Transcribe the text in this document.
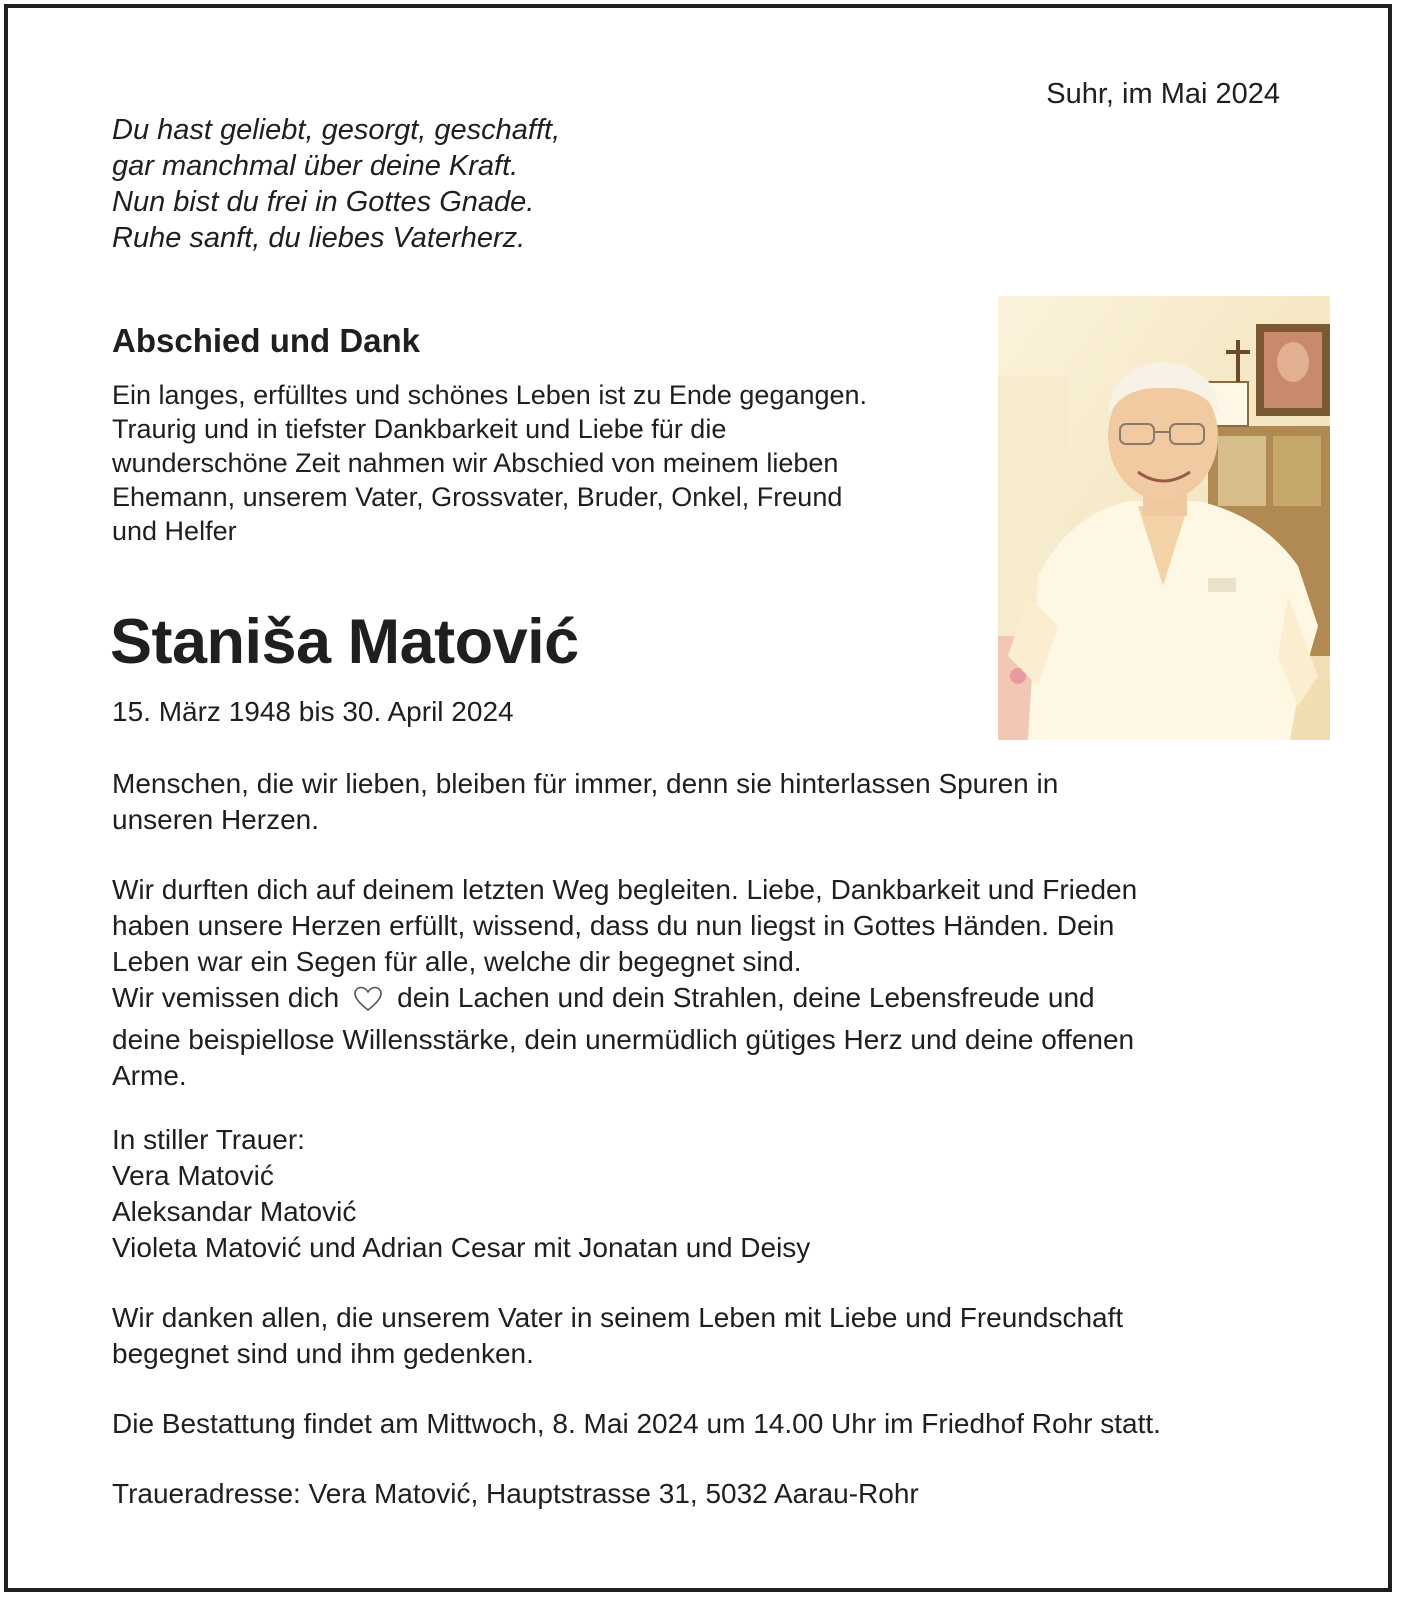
Suhr, im Mai 2024
Du hast geliebt, gesorgt, geschafft,
gar manchmal über deine Kraft.
Nun bist du frei in Gottes Gnade.
Ruhe sanft, du liebes Vaterherz.
Abschied und Dank
Ein langes, erfülltes und schönes Leben ist zu Ende gegangen.
Traurig und in tiefster Dankbarkeit und Liebe für die
wunderschöne Zeit nahmen wir Abschied von meinem lieben
Ehemann, unserem Vater, Grossvater, Bruder, Onkel, Freund
und Helfer
Staniša Matović
15. März 1948 bis 30. April 2024
Menschen, die wir lieben, bleiben für immer, denn sie hinterlassen Spuren in
unseren Herzen.
Wir durften dich auf deinem letzten Weg begleiten. Liebe, Dankbarkeit und Frieden
haben unsere Herzen erfüllt, wissend, dass du nun liegst in Gottes Händen. Dein
Leben war ein Segen für alle, welche dir begegnet sind.
Wir vemissen dich dein Lachen und dein Strahlen, deine Lebensfreude und
deine beispiellose Willensstärke, dein unermüdlich gütiges Herz und deine offenen
Arme.
In stiller Trauer:
Vera Matović
Aleksandar Matović
Violeta Matović und Adrian Cesar mit Jonatan und Deisy
Wir danken allen, die unserem Vater in seinem Leben mit Liebe und Freundschaft
begegnet sind und ihm gedenken.
Die Bestattung findet am Mittwoch, 8. Mai 2024 um 14.00 Uhr im Friedhof Rohr statt.
Traueradresse: Vera Matović, Hauptstrasse 31, 5032 Aarau-Rohr
